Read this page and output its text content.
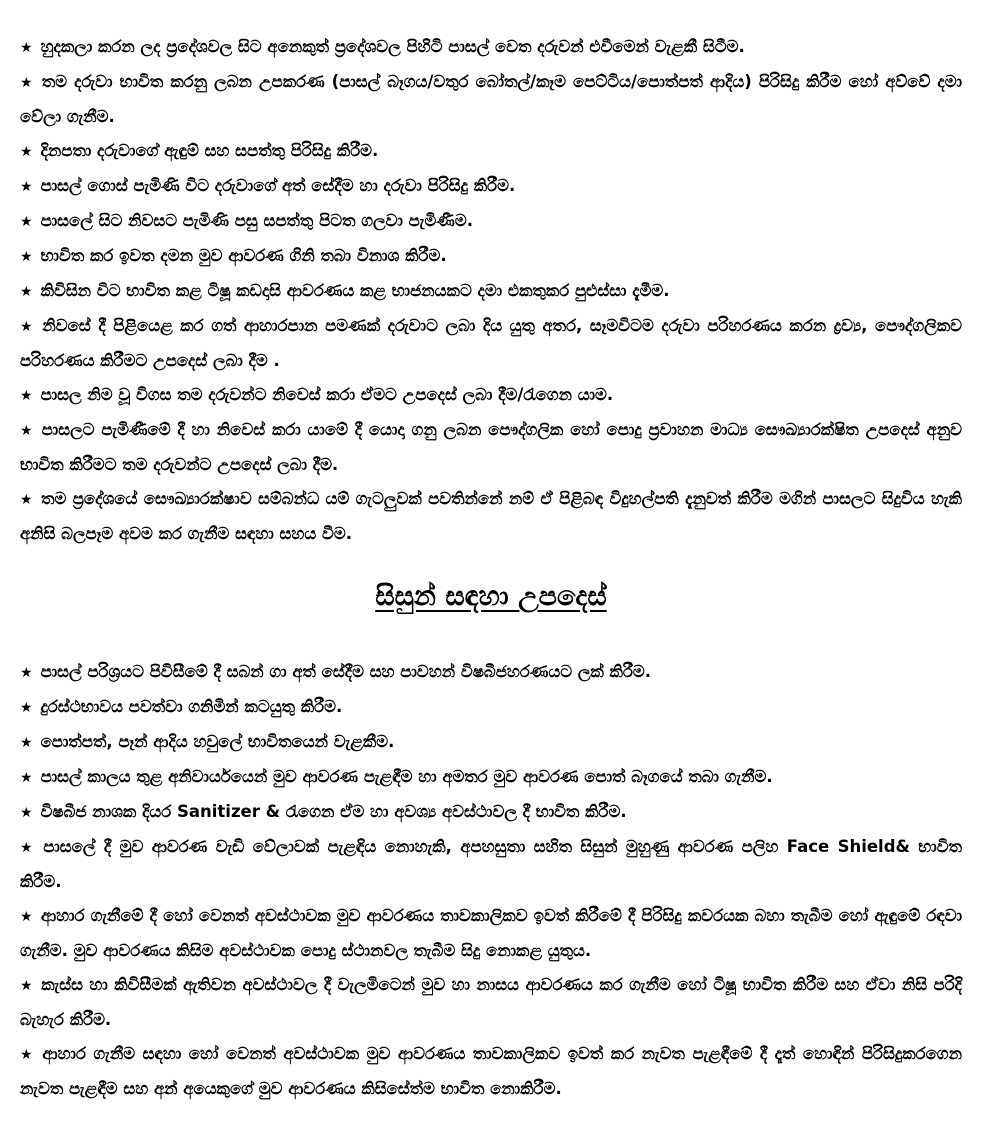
★ හුදකලා කරන ලද ප්‍රදේශවල සිට අනෙකුත් ප්‍රදේශවල පිහිටි පාසල් වෙත දරුවන් එවීමෙන් වැළකී සිටීම.
★ තම දරුවා භාවිත කරනු ලබන උපකරණ (පාසල් බෑගය/වතුර බෝතල්/කෑම පෙට්ටිය/පොත්පත් ආදිය) පිරිසිදු කිරීම හෝ අව්වේ දමා වේලා ගැනීම.
★ දිනපතා දරුවාගේ ඇඳුම් සහ සපත්තු පිරිසිදු කිරීම.
★ පාසල් ගොස් පැමිණි විට දරුවාගේ අත් සේදීම හා දරුවා පිරිසිදු කිරීම.
★ පාසලේ සිට නිවසට පැමිණි පසු සපත්තු පිටත ගලවා පැමිණීම.
★ භාවිත කර ඉවත දමන මුව ආවරණ ගිනි තබා විනාශ කිරීම.
★ කිවිසින විට භාවිත කළ ටිෂූ කඩදාසි ආවරණය කළ භාජනයකට දමා එකතුකර පුළුස්සා දැමීම.
★ නිවසේ දී පිළියෙළ කර ගත් ආහාරපාන පමණක් දරුවාට ලබා දිය යුතු අතර, සෑමවිටම දරුවා පරිහරණය කරන ද්‍රව්‍ය, පෞද්ගලිකව පරිහරණය කිරීමට උපදෙස් ලබා දීම .
★ පාසල නිම වූ විගස තම දරුවන්ට නිවෙස් කරා ඒමට උපදෙස් ලබා දීම/රැගෙන යාම.
★ පාසලට පැමිණීමේ දී හා නිවෙස් කරා යාමේ දී යොදා ගනු ලබන පෞද්ගලික හෝ පොදු ප්‍රවාහන මාධ්‍ය සෞඛ්‍යාරක්ෂිත උපදෙස් අනුව භාවිත කිරීමට තම දරුවන්ට උපදෙස් ලබා දීම.
★ තම ප්‍රදේශයේ සෞඛ්‍යාරක්ෂාව සම්බන්ධ යම් ගැටලුවක් පවතින්නේ නම් ඒ පිළිබඳ විදුහල්පති දැනුවත් කිරීම මගින් පාසලට සිදුවිය හැකි අනිසි බලපෑම අවම කර ගැනීම සඳහා සහය වීම.
සිසුන් සඳහා උපදෙස්
★ පාසල් පරිශ්‍රයට පිවිසීමේ දී සබන් ගා අත් සේදීම සහ පාවහන් විෂබීජහරණයට ලක් කිරීම.
★ දුරස්ථභාවය පවත්වා ගනිමින් කටයුතු කිරීම.
★ පොත්පත්, පෑන් ආදිය හවුලේ භාවිතයෙන් වැළකීම.
★ පාසල් කාලය තුළ අනිවාර්යයෙන් මුව ආවරණ පැළඳීම හා අමතර මුව ආවරණ පොත් බෑගයේ තබා ගැනීම.
★ විෂබීජ නාශක දියර Sanitizer & රැගෙන ඒම හා අවශ්‍ය අවස්ථාවල දී භාවිත කිරීම.
★ පාසලේ දී මුව ආවරණ වැඩි වේලාවක් පැළඳිය නොහැකි, අපහසුතා සහිත සිසුන් මුහුණු ආවරණ පලිහ Face Shield& භාවිත කිරීම.
★ ආහාර ගැනීමේ දී හෝ වෙනත් අවස්ථාවක මුව ආවරණය තාවකාලිකව ඉවත් කිරීමේ දී පිරිසිදු කවරයක බහා තැබීම හෝ ඇඳුමේ රඳවා ගැනීම. මුව ආවරණය කිසිම අවස්ථාවක පොදු ස්ථානවල තැබීම සිදු නොකළ යුතුය.
★ කැස්ස හා කිවිසීමක් ඇතිවන අවස්ථාවල දී වැලමිටෙන් මුව හා නාසය ආවරණය කර ගැනීම හෝ ටිෂූ භාවිත කිරීම සහ ඒවා නිසි පරිදි බැහැර කිරීම.
★ ආහාර ගැනීම සඳහා හෝ වෙනත් අවස්ථාවක මුව ආවරණය තාවකාලිකව ඉවත් කර නැවත පැළඳීමේ දී දෑත් හොඳින් පිරිසිදුකරගෙන නැවත පැළඳීම සහ අන් අයෙකුගේ මුව ආවරණය කිසිසේත්ම භාවිත නොකිරීම.
